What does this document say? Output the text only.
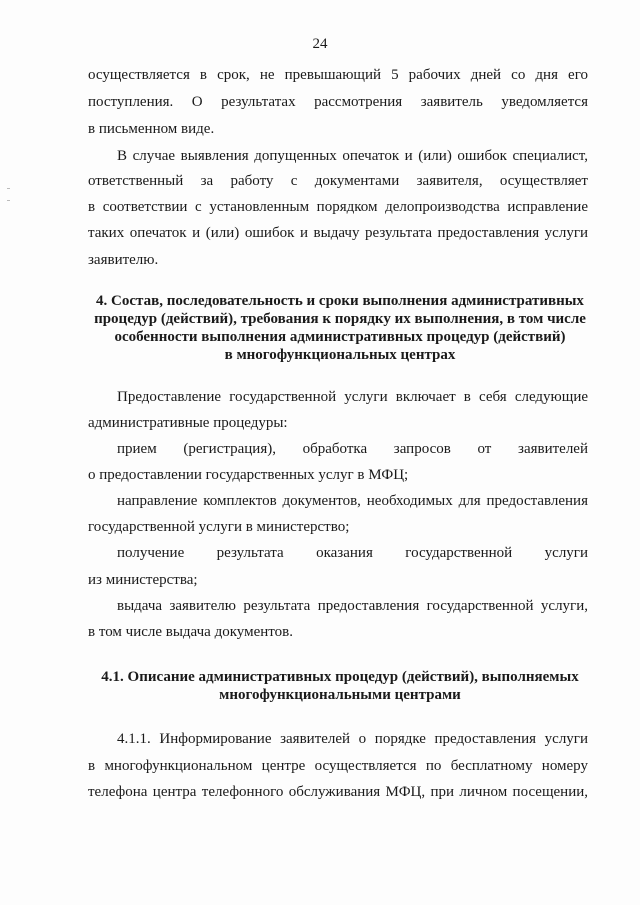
24
осуществляется в срок, не превышающий 5 рабочих дней со дня его
поступления. О результатах рассмотрения заявитель уведомляется
в письменном виде.
В случае выявления допущенных опечаток и (или) ошибок специалист,
ответственный за работу с документами заявителя, осуществляет
в соответствии с установленным порядком делопроизводства исправление
таких опечаток и (или) ошибок и выдачу результата предоставления услуги
заявителю.
4. Состав, последовательность и сроки выполнения административных
процедур (действий), требования к порядку их выполнения, в том числе
особенности выполнения административных процедур (действий)
в многофункциональных центрах
Предоставление государственной услуги включает в себя следующие
административные процедуры:
прием (регистрация), обработка запросов от заявителей
о предоставлении государственных услуг в МФЦ;
направление комплектов документов, необходимых для предоставления
государственной услуги в министерство;
получение результата оказания государственной услуги
из министерства;
выдача заявителю результата предоставления государственной услуги,
в том числе выдача документов.
4.1. Описание административных процедур (действий), выполняемых
многофункциональными центрами
4.1.1. Информирование заявителей о порядке предоставления услуги
в многофункциональном центре осуществляется по бесплатному номеру
телефона центра телефонного обслуживания МФЦ, при личном посещении,
